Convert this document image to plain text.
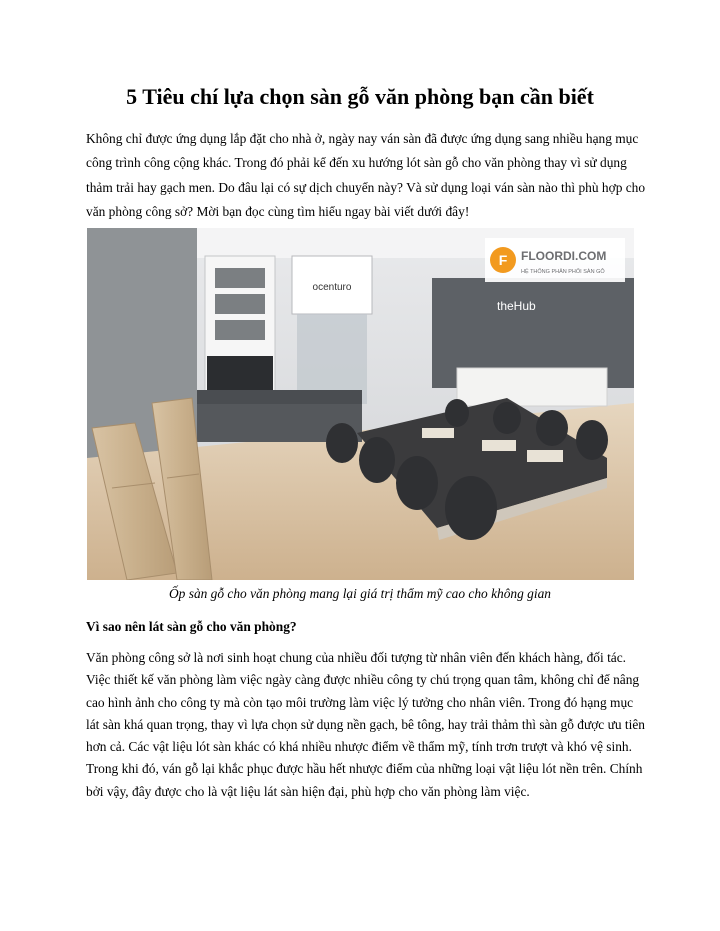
5 Tiêu chí lựa chọn sàn gỗ văn phòng bạn cần biết

Không chỉ được ứng dụng lắp đặt cho nhà ở, ngày nay ván sàn đã được ứng dụng sang nhiều hạng mục công trình công cộng khác. Trong đó phải kể đến xu hướng lót sàn gỗ cho văn phòng thay vì sử dụng thảm trải hay gạch men. Do đâu lại có sự dịch chuyển này? Và sử dụng loại ván sàn nào thì phù hợp cho văn phòng công sở? Mời bạn đọc cùng tìm hiểu ngay bài viết dưới đây!

ocenturo
theHub
F FLOORDI.COM
HỆ THỐNG PHÂN PHỐI SÀN GỖ

Ốp sàn gỗ cho văn phòng mang lại giá trị thẩm mỹ cao cho không gian

Vì sao nên lát sàn gỗ cho văn phòng?

Văn phòng công sở là nơi sinh hoạt chung của nhiều đối tượng từ nhân viên đến khách hàng, đối tác. Việc thiết kế văn phòng làm việc ngày càng được nhiều công ty chú trọng quan tâm, không chỉ để nâng cao hình ảnh cho công ty mà còn tạo môi trường làm việc lý tưởng cho nhân viên. Trong đó hạng mục lát sàn khá quan trọng, thay vì lựa chọn sử dụng nền gạch, bê tông, hay trải thảm thì sàn gỗ được ưu tiên hơn cả. Các vật liệu lót sàn khác có khá nhiều nhược điểm về thẩm mỹ, tính trơn trượt và khó vệ sinh. Trong khi đó, ván gỗ lại khắc phục được hầu hết nhược điểm của những loại vật liệu lót nền trên. Chính bởi vậy, đây được cho là vật liệu lát sàn hiện đại, phù hợp cho văn phòng làm việc.
